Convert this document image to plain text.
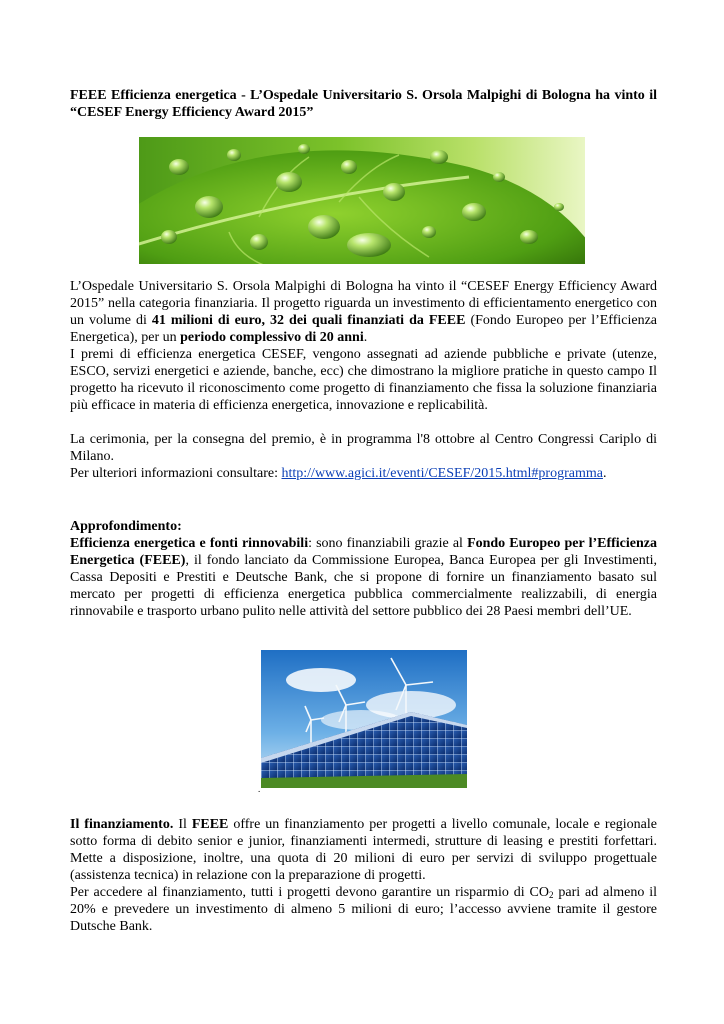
FEEE Efficienza energetica - L’Ospedale Universitario S. Orsola Malpighi di Bologna ha vinto il “CESEF Energy Efficiency Award 2015”

L’Ospedale Universitario S. Orsola Malpighi di Bologna ha vinto il “CESEF Energy Efficiency Award 2015” nella categoria finanziaria. Il progetto riguarda un investimento di efficientamento energetico con un volume di 41 milioni di euro, 32 dei quali finanziati da FEEE (Fondo Europeo per l’Efficienza Energetica), per un periodo complessivo di 20 anni.

I premi di efficienza energetica CESEF, vengono assegnati ad aziende pubbliche e private (utenze, ESCO, servizi energetici e aziende, banche, ecc) che dimostrano la migliore pratiche in questo campo Il progetto ha ricevuto il riconoscimento come progetto di finanziamento che fissa la soluzione finanziaria più efficace in materia di efficienza energetica, innovazione e replicabilità.

La cerimonia, per la consegna del premio, è in programma l'8 ottobre al Centro Congressi Cariplo di Milano.

Per ulteriori informazioni consultare: http://www.agici.it/eventi/CESEF/2015.html#programma.

Approfondimento:

Efficienza energetica e fonti rinnovabili: sono finanziabili grazie al Fondo Europeo per l’Efficienza Energetica (FEEE), il fondo lanciato da Commissione Europea, Banca Europea per gli Investimenti, Cassa Depositi e Prestiti e Deutsche Bank, che si propone di fornire un finanziamento basato sul mercato per progetti di efficienza energetica pubblica commercialmente realizzabili, di energia rinnovabile e trasporto urbano pulito nelle attività del settore pubblico dei 28 Paesi membri dell’UE.

Il finanziamento. Il FEEE offre un finanziamento per progetti a livello comunale, locale e regionale sotto forma di debito senior e junior, finanziamenti intermedi, strutture di leasing e prestiti forfettari. Mette a disposizione, inoltre, una quota di 20 milioni di euro per servizi di sviluppo progettuale (assistenza tecnica) in relazione con la preparazione di progetti.

Per accedere al finanziamento, tutti i progetti devono garantire un risparmio di $CO_2$ pari ad almeno il 20% e prevedere un investimento di almeno 5 milioni di euro; l’accesso avviene tramite il gestore Dutsche Bank.

.
